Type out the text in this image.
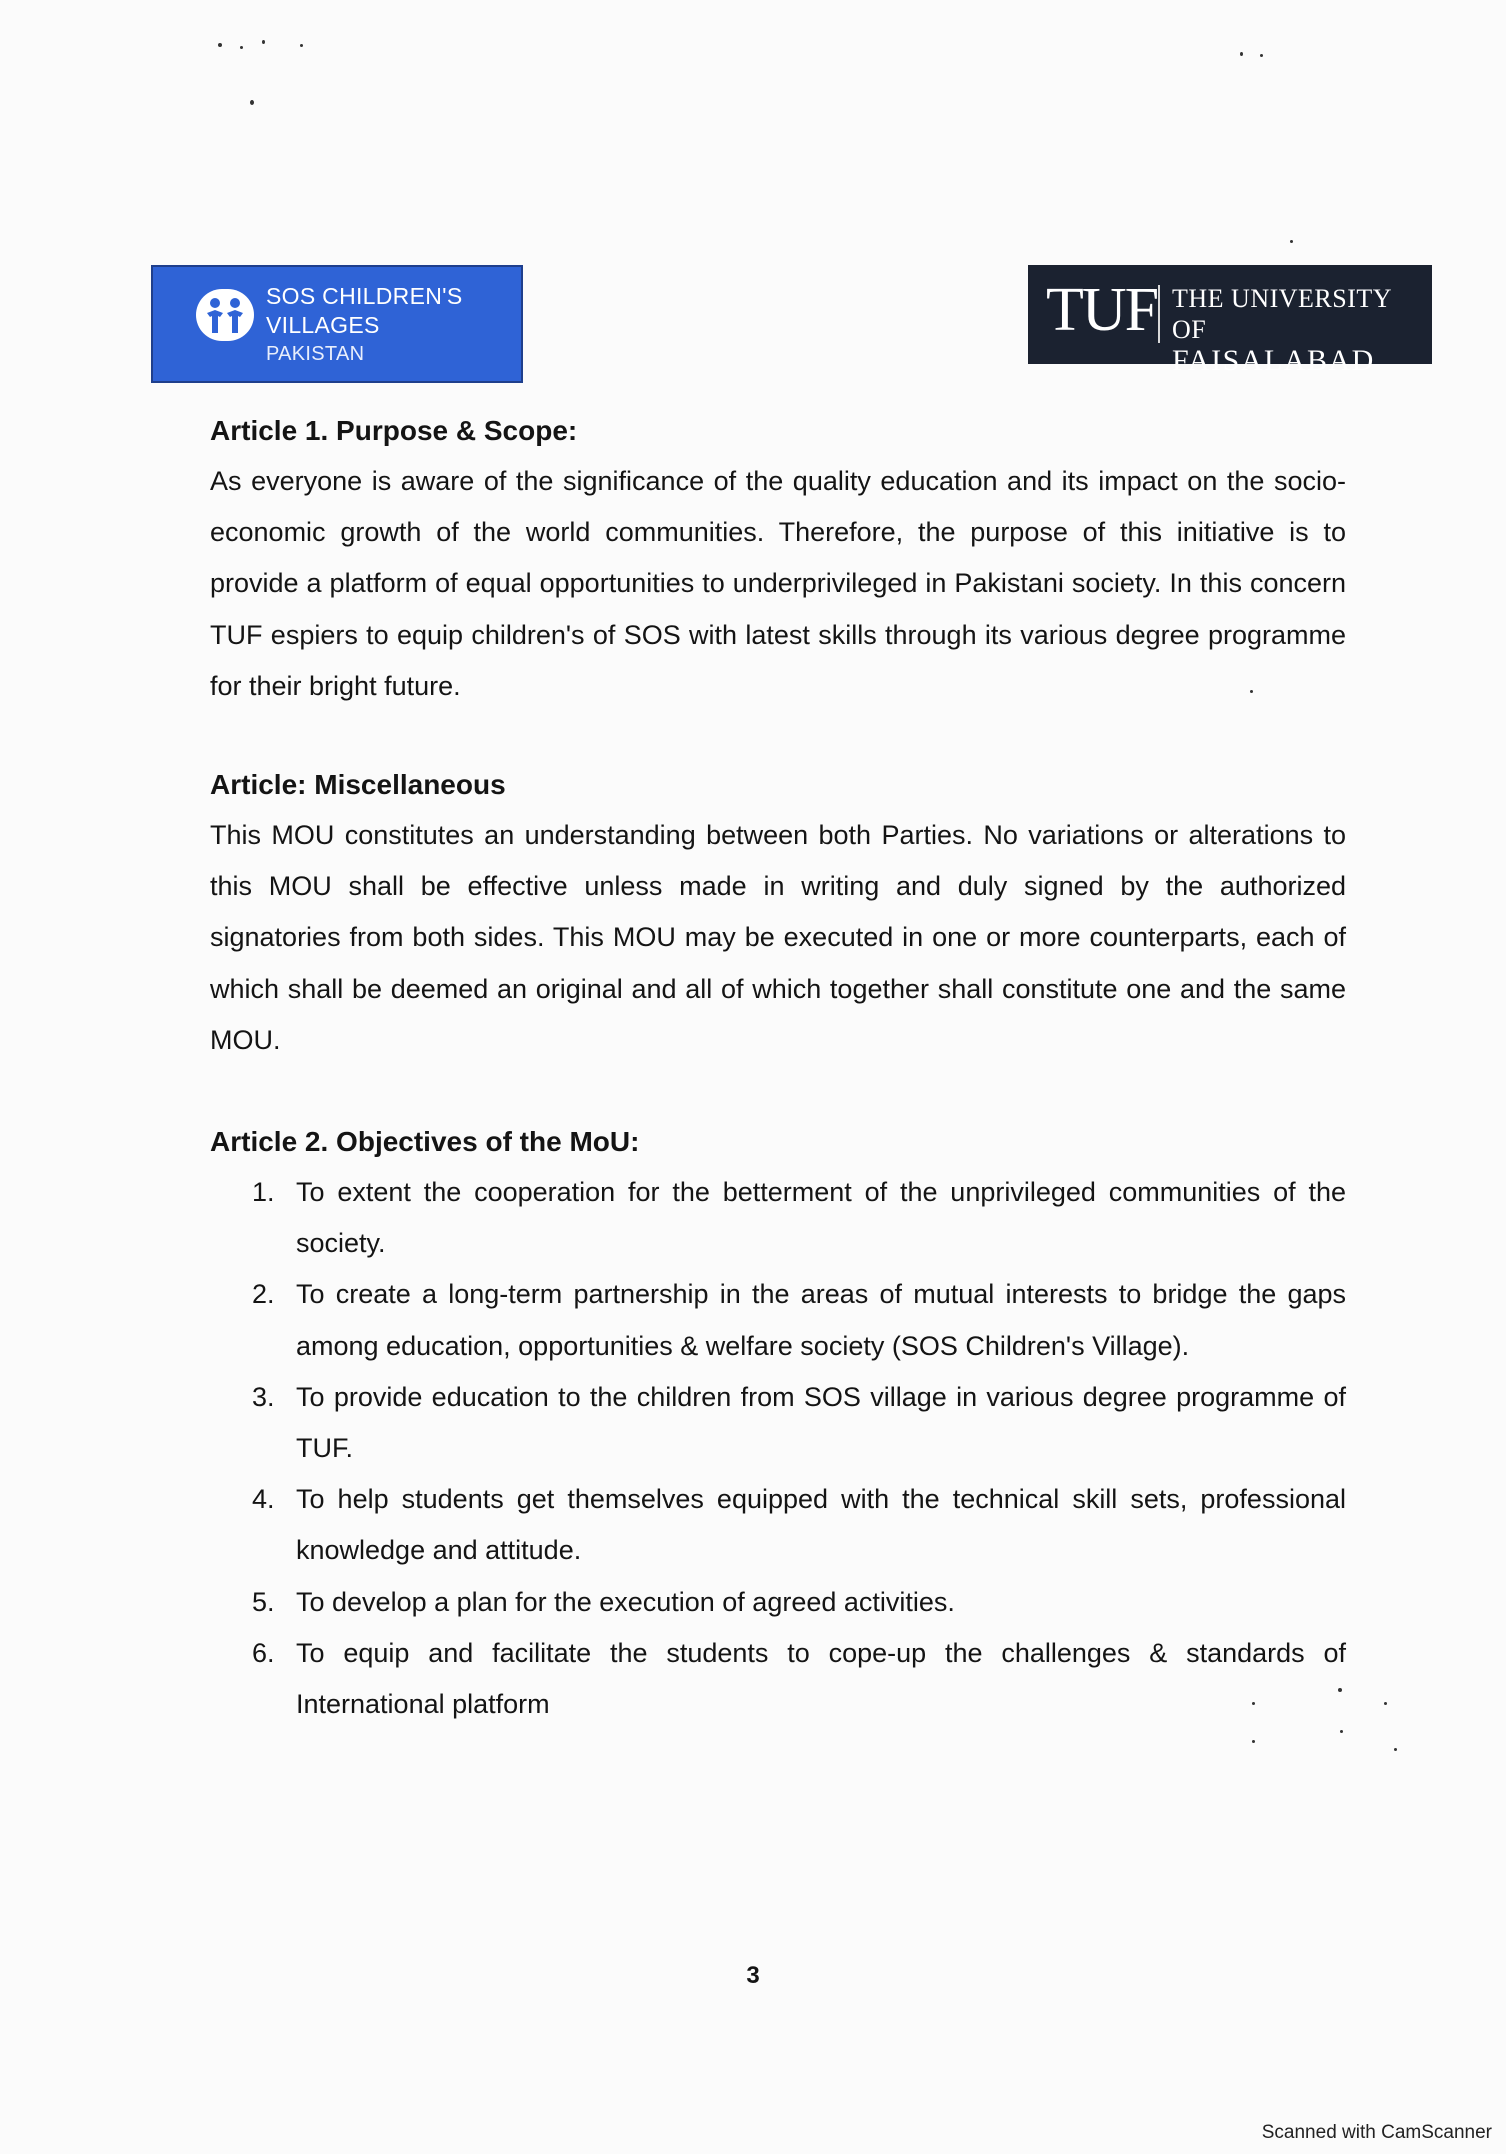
SOS CHILDREN'S
VILLAGES
PAKISTAN
TUF THE UNIVERSITY OF
FAISALABAD
Article 1. Purpose & Scope:

As everyone is aware of the significance of the quality education and its impact on the socio-economic growth of the world communities. Therefore, the purpose of this initiative is to provide a platform of equal opportunities to underprivileged in Pakistani society. In this concern TUF espiers to equip children's of SOS with latest skills through its various degree programme for their bright future.

Article: Miscellaneous

This MOU constitutes an understanding between both Parties. No variations or alterations to this MOU shall be effective unless made in writing and duly signed by the authorized signatories from both sides. This MOU may be executed in one or more counterparts, each of which shall be deemed an original and all of which together shall constitute one and the same MOU.

Article 2. Objectives of the MoU:
1. To extent the cooperation for the betterment of the unprivileged communities of the society.
2. To create a long-term partnership in the areas of mutual interests to bridge the gaps among education, opportunities & welfare society (SOS Children's Village).
3. To provide education to the children from SOS village in various degree programme of TUF.
4. To help students get themselves equipped with the technical skill sets, professional knowledge and attitude.
5. To develop a plan for the execution of agreed activities.
6. To equip and facilitate the students to cope-up the challenges & standards of International platform
3
Scanned with CamScanner
